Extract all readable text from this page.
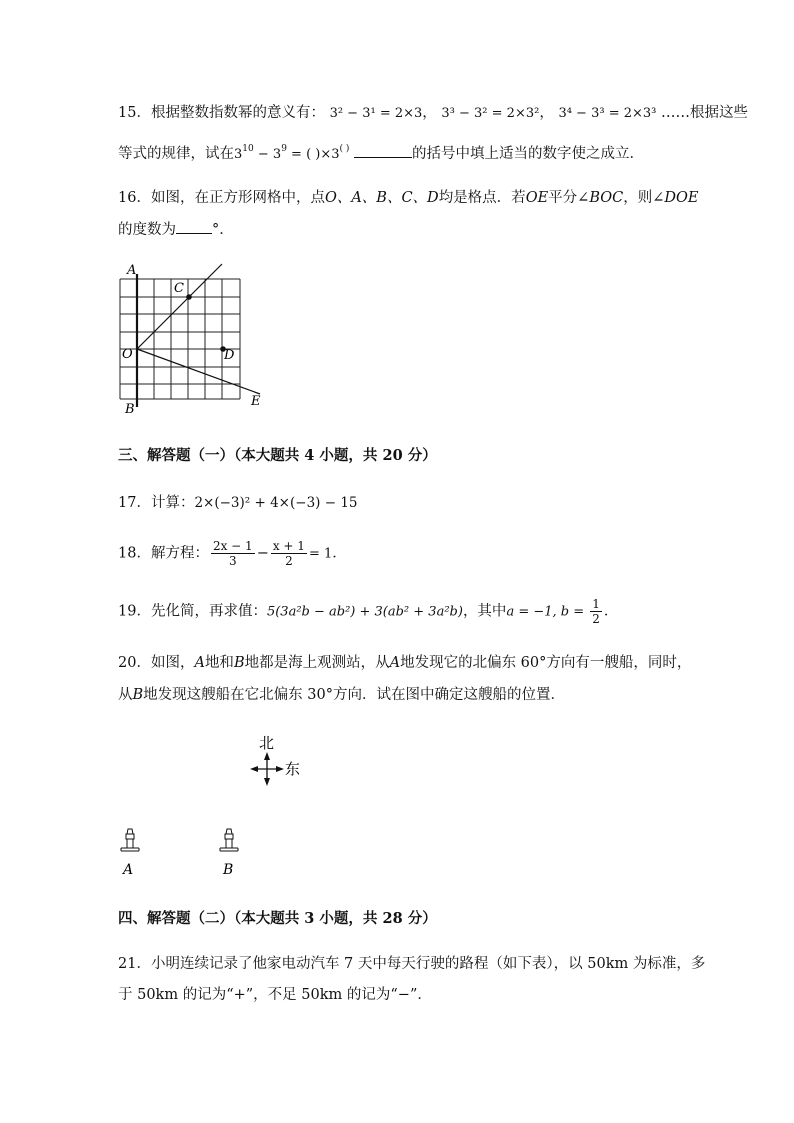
15．根据整数指数幂的意义有： 3² − 3¹ = 2×3， 3³ − 3² = 2×3²， 3⁴ − 3³ = 2×3³ ……根据这些
等式的规律，试在$3^{10} - 3^9$ = ( )×3( )	的括号中填上适当的数字使之成立．
16．如图，在正方形网格中，点O、A、B、C、D均是格点．若OE平分∠BOC，则∠DOE
的度数为 °．
A
C
O	D
B
E
三、解答题（一）（本大题共 4 小题，共 20 分）
17．计算：2×(−3)² + 4×(−3) − 15
18．解方程： $\frac{2x - 1}{3} - \frac{x + 1}{2} = 1$．
19．先化简，再求值：5(3a²b − ab²) + 3(ab² + 3a²b)，其中a = −1, $b = \frac{1}{2}$ ．
20．如图，A地和B地都是海上观测站，从A地发现它的北偏东 60°方向有一艘船，同时，
从B地发现这艘船在它北偏东 30°方向．试在图中确定这艘船的位置．
北
东
A	B
四、解答题（二）（本大题共 3 小题，共 28 分）
21．小明连续记录了他家电动汽车 7 天中每天行驶的路程（如下表），以 50km 为标准，多
于 50km 的记为“+”，不足 50km 的记为“−”．
